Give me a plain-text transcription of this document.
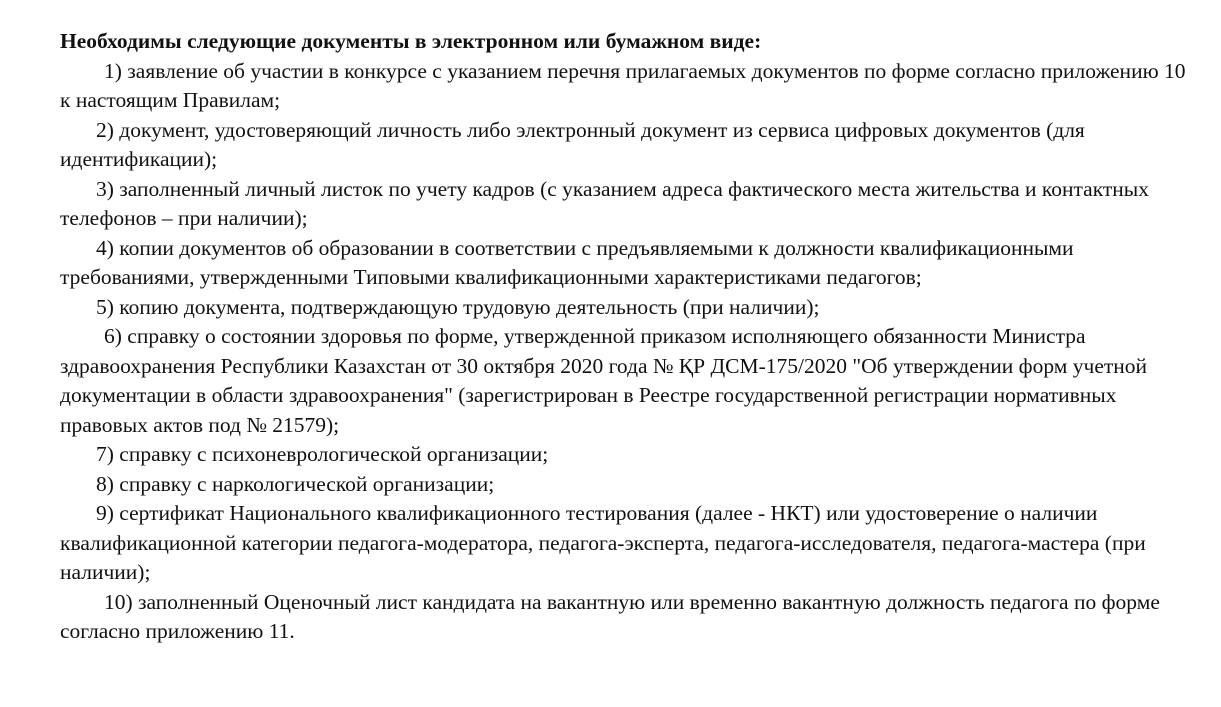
Необходимы следующие документы в электронном или бумажном виде:

1) заявление об участии в конкурсе с указанием перечня прилагаемых документов по форме согласно приложению 10 к настоящим Правилам;

2) документ, удостоверяющий личность либо электронный документ из сервиса цифровых документов (для идентификации);

3) заполненный личный листок по учету кадров (с указанием адреса фактического места жительства и контактных телефонов – при наличии);

4) копии документов об образовании в соответствии с предъявляемыми к должности квалификационными требованиями, утвержденными Типовыми квалификационными характеристиками педагогов;

5) копию документа, подтверждающую трудовую деятельность (при наличии);

6) справку о состоянии здоровья по форме, утвержденной приказом исполняющего обязанности Министра здравоохранения Республики Казахстан от 30 октября 2020 года № ҚР ДСМ-175/2020 "Об утверждении форм учетной документации в области здравоохранения" (зарегистрирован в Реестре государственной регистрации нормативных правовых актов под № 21579);

7) справку с психоневрологической организации;

8) справку с наркологической организации;

9) сертификат Национального квалификационного тестирования (далее - НКТ) или удостоверение о наличии квалификационной категории педагога-модератора, педагога-эксперта, педагога-исследователя, педагога-мастера (при наличии);

10) заполненный Оценочный лист кандидата на вакантную или временно вакантную должность педагога по форме согласно приложению 11.
